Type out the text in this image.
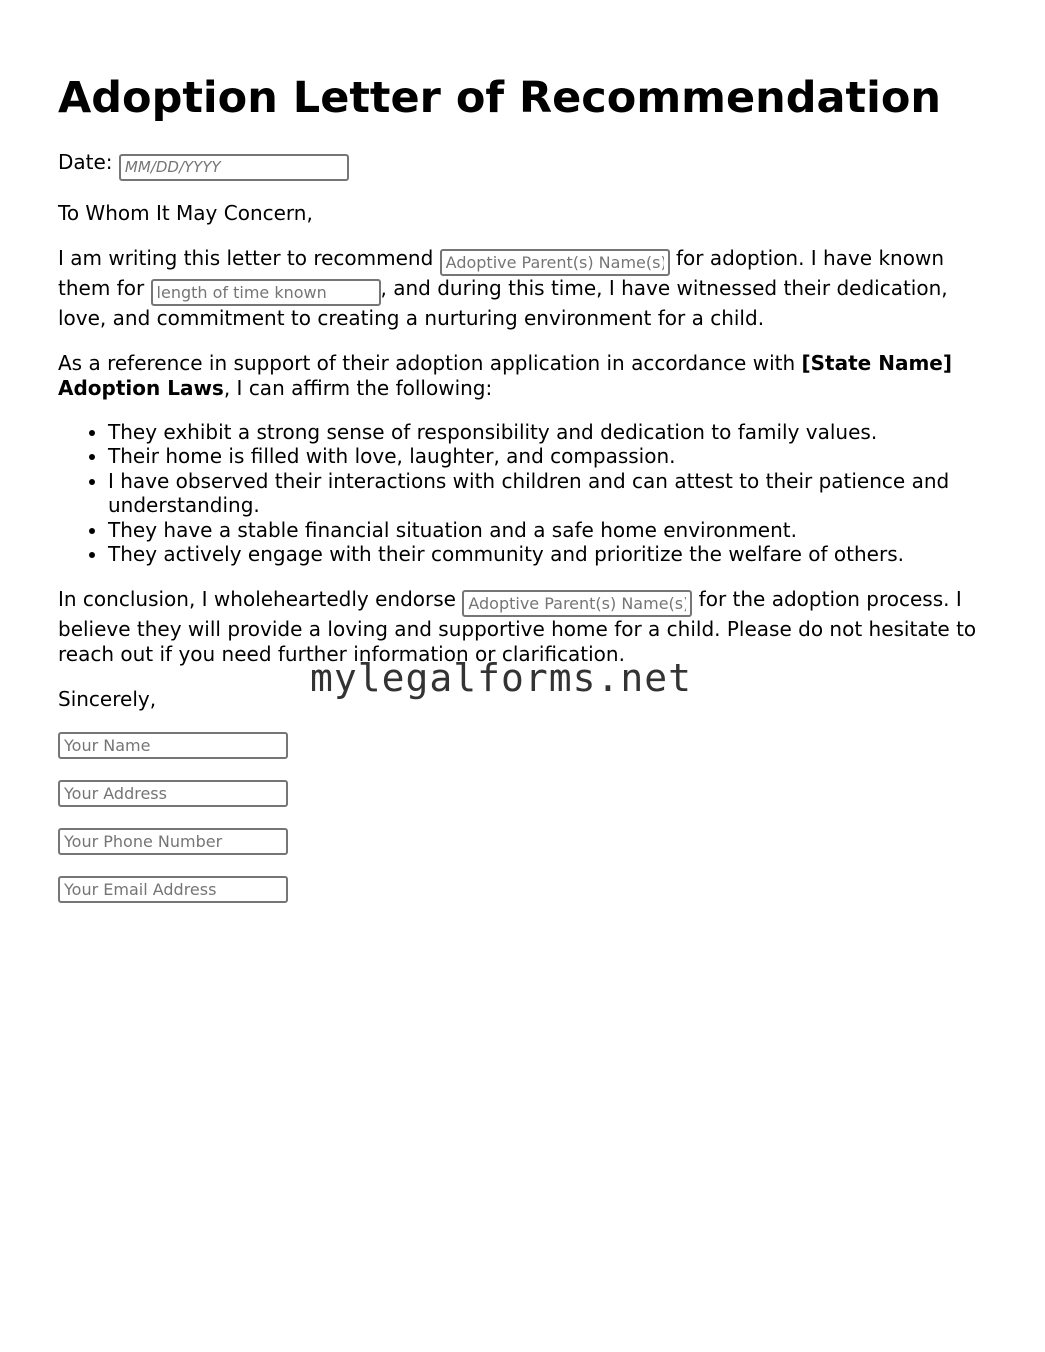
Adoption Letter of Recommendation

Date: MM/DD/YYYY

To Whom It May Concern,

I am writing this letter to recommend Adoptive Parent(s) Name(s)	for adoption. I have known them for length of time known	, and during this time, I have witnessed their dedication, love, and commitment to creating a nurturing environment for a child.

As a reference in support of their adoption application in accordance with [State Name] Adoption Laws, I can affirm the following:

• They exhibit a strong sense of responsibility and dedication to family values.
• Their home is filled with love, laughter, and compassion.
• I have observed their interactions with children and can attest to their patience and understanding.
• They have a stable financial situation and a safe home environment.
• They actively engage with their community and prioritize the welfare of others.

In conclusion, I wholeheartedly endorse Adoptive Parent(s) Name(s)	for the adoption process. I believe they will provide a loving and supportive home for a child. Please do not hesitate to reach out if you need further information or clarification.

Sincerely,

Your Name
Your Address
Your Phone Number
Your Email Address	mylegalforms.net
